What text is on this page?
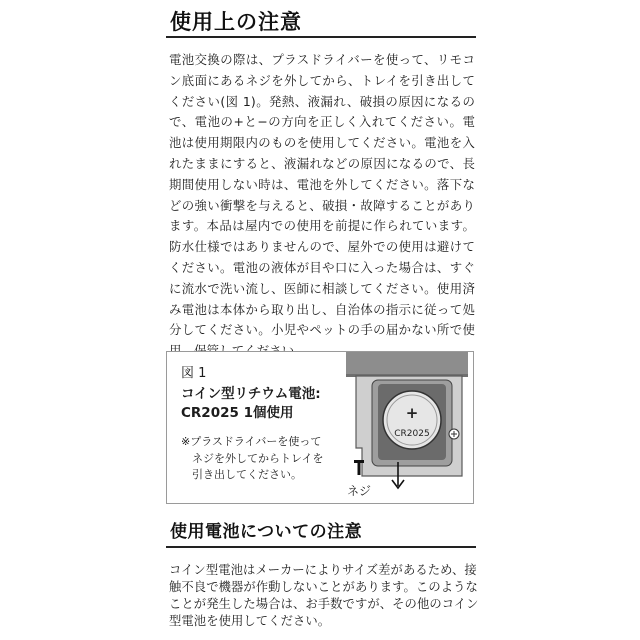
使用上の注意
電池交換の際は、プラスドライバーを使って、リモコン底面にあるネジを外してから、トレイを引き出してください(図 1)。発熱、液漏れ、破損の原因になるので、電池の+と−の方向を正しく入れてください。電池は使用期限内のものを使用してください。電池を入れたままにすると、液漏れなどの原因になるので、長期間使用しない時は、電池を外してください。落下などの強い衝撃を与えると、破損・故障することがあります。本品は屋内での使用を前提に作られています。防水仕様ではありませんので、屋外での使用は避けてください。電池の液体が目や口に入った場合は、すぐに流水で洗い流し、医師に相談してください。使用済み電池は本体から取り出し、自治体の指示に従って処分してください。小児やペットの手の届かない所で使
図 1
コイン型リチウム電池:
CR2025 1個使用
※プラスドライバーを使って
　ネジを外してからトレイを
　引き出してください。
+
CR2025
ネジ
使用電池についての注意
コイン型電池はメーカーによりサイズ差があるため、接触不良で機器が作動しないことがあります。このようなことが発生した場合は、お手数ですが、その他のコイン型電池を使用してください。
